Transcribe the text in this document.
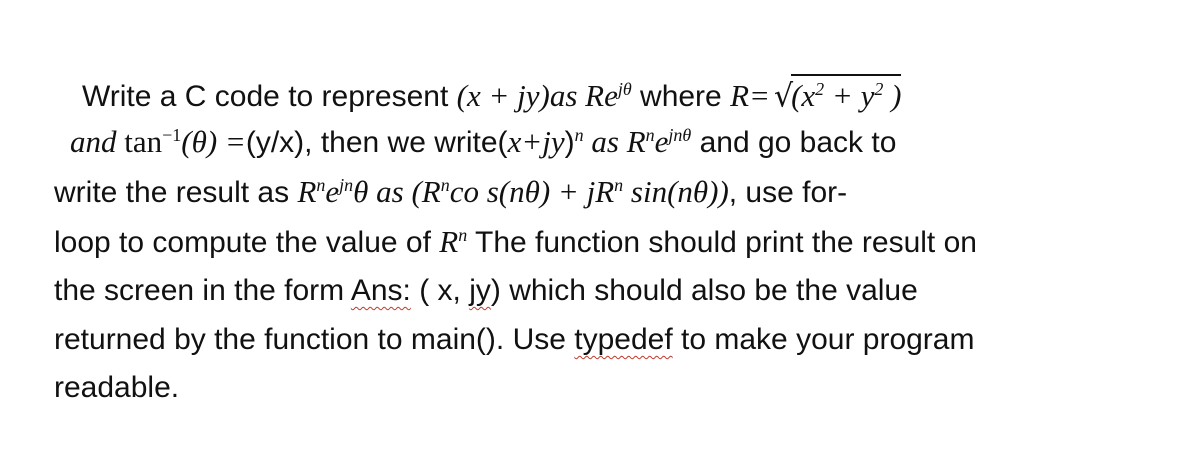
Write a C code to represent (x + jy)as $Re^{j\theta}$ where $R= √(x^2 + y^2$ )
and $\tan^{-1}(\theta) =(y/x)$, then we $write(x+jy)^n$ as $R^ne^{jn\theta}$ and go back to
write the result as $R^ne^{jn}\theta$ as ($R^nco$ $s(n\theta) + jR^n$ sin(nθ)), use for-
loop to compute the value of $R^n$ The function should print the result on
the screen in the form Ans: ( x, jy) which should also be the value
returned by the function to main(). Use typedef to make your program
readable.
